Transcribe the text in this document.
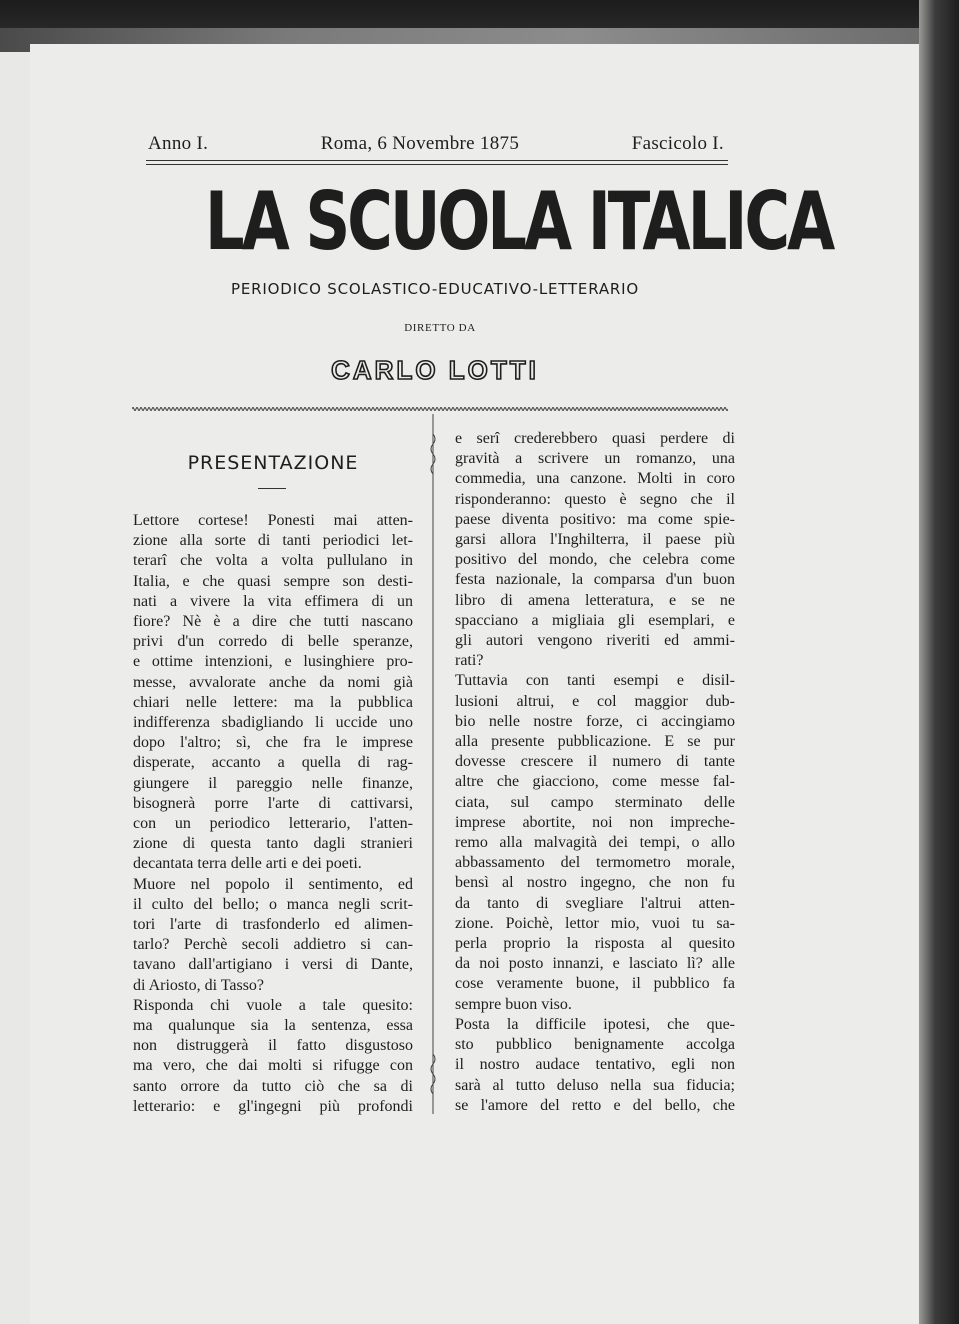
Anno I.	Roma, 6 Novembre 1875	Fascicolo I.
LA SCUOLA ITALICA
PERIODICO SCOLASTICO-EDUCATIVO-LETTERARIO
DIRETTO DA
CARLO LOTTI
PRESENTAZIONE
Lettore cortese! Ponesti mai atten-
zione alla sorte di tanti periodici let-
terarî che volta a volta pullulano in
Italia, e che quasi sempre son desti-
nati a vivere la vita effimera di un
fiore? Nè è a dire che tutti nascano
privi d'un corredo di belle speranze,
e ottime intenzioni, e lusinghiere pro-
messe, avvalorate anche da nomi già
chiari nelle lettere: ma la pubblica
indifferenza sbadigliando li uccide uno
dopo l'altro; sì, che fra le imprese
disperate, accanto a quella di rag-
giungere il pareggio nelle finanze,
bisognerà porre l'arte di cattivarsi,
con un periodico letterario, l'atten-
zione di questa tanto dagli stranieri
decantata terra delle arti e dei poeti.
Muore nel popolo il sentimento, ed
il culto del bello; o manca negli scrit-
tori l'arte di trasfonderlo ed alimen-
tarlo? Perchè secoli addietro si can-
tavano dall'artigiano i versi di Dante,
di Ariosto, di Tasso?
Risponda chi vuole a tale quesito:
ma qualunque sia la sentenza, essa
non distruggerà il fatto disgustoso
ma vero, che dai molti si rifugge con
santo orrore da tutto ciò che sa di
letterario: e gl'ingegni più profondi
e serî crederebbero quasi perdere di
gravità a scrivere un romanzo, una
commedia, una canzone. Molti in coro
risponderanno: questo è segno che il
paese diventa positivo: ma come spie-
garsi allora l'Inghilterra, il paese più
positivo del mondo, che celebra come
festa nazionale, la comparsa d'un buon
libro di amena letteratura, e se ne
spacciano a migliaia gli esemplari, e
gli autori vengono riveriti ed ammi-
rati?
Tuttavia con tanti esempi e disil-
lusioni altrui, e col maggior dub-
bio nelle nostre forze, ci accingiamo
alla presente pubblicazione. E se pur
dovesse crescere il numero di tante
altre che giacciono, come messe fal-
ciata, sul campo sterminato delle
imprese abortite, noi non impreche-
remo alla malvagità dei tempi, o allo
abbassamento del termometro morale,
bensì al nostro ingegno, che non fu
da tanto di svegliare l'altrui atten-
zione. Poichè, lettor mio, vuoi tu sa-
perla proprio la risposta al quesito
da noi posto innanzi, e lasciato lì? alle
cose veramente buone, il pubblico fa
sempre buon viso.
Posta la difficile ipotesi, che que-
sto pubblico benignamente accolga
il nostro audace tentativo, egli non
sarà al tutto deluso nella sua fiducia;
se l'amore del retto e del bello, che
